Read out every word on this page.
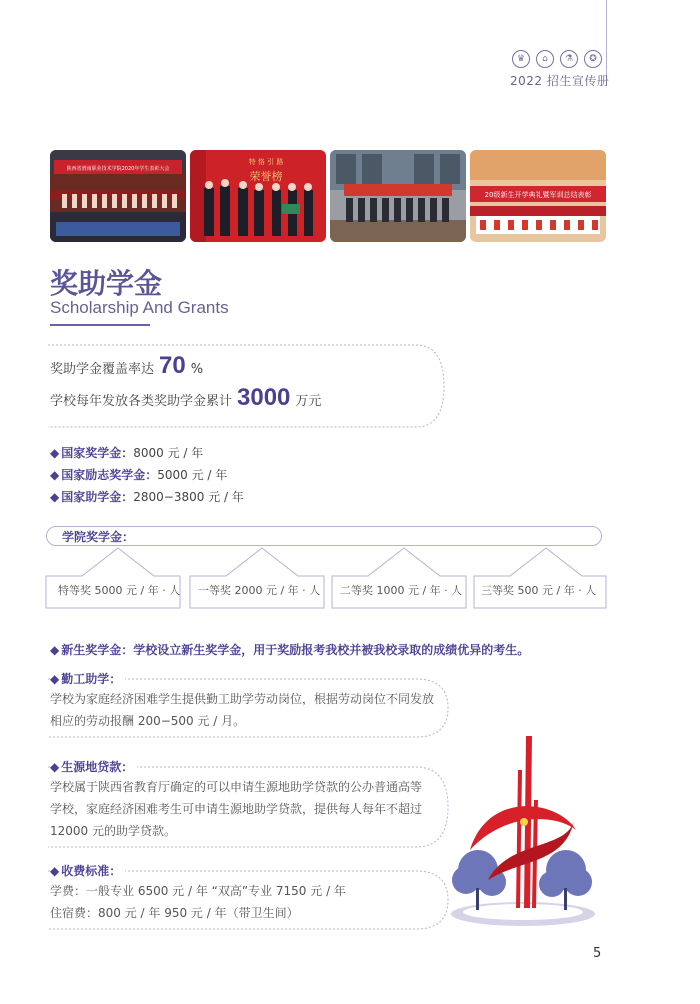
♛	⌂	⚗	✪
2022 招生宣传册
陕西省渭南职业技术学院2020年学生表彰大会
特 恪 引 路
荣誉榜
20级新生开学典礼暨军训总结表彰
奖助学金
Scholarship And Grants
奖助学金覆盖率达 70 %
学校每年发放各类奖助学金累计 3000 万元
◆ 国家奖学金：8000 元 / 年
◆ 国家励志奖学金：5000 元 / 年
◆ 国家助学金：2800−3800 元 / 年
学院奖学金：
特等奖 5000 元 / 年 · 人 一等奖 2000 元 / 年 · 人 二等奖 1000 元 / 年 · 人 三等奖 500 元 / 年 · 人
◆ 新生奖学金：学校设立新生奖学金，用于奖励报考我校并被我校录取的成绩优异的考生。
◆ 勤工助学：
学校为家庭经济困难学生提供勤工助学劳动岗位，根据劳动岗位不同发放
相应的劳动报酬 200−500 元 / 月。
◆ 生源地贷款：
学校属于陕西省教育厅确定的可以申请生源地助学贷款的公办普通高等
学校，家庭经济困难考生可申请生源地助学贷款，提供每人每年不超过
12000 元的助学贷款。
◆ 收费标准：
学费：一般专业 6500 元 / 年 “双高”专业 7150 元 / 年
住宿费：800 元 / 年 950 元 / 年（带卫生间）
5
